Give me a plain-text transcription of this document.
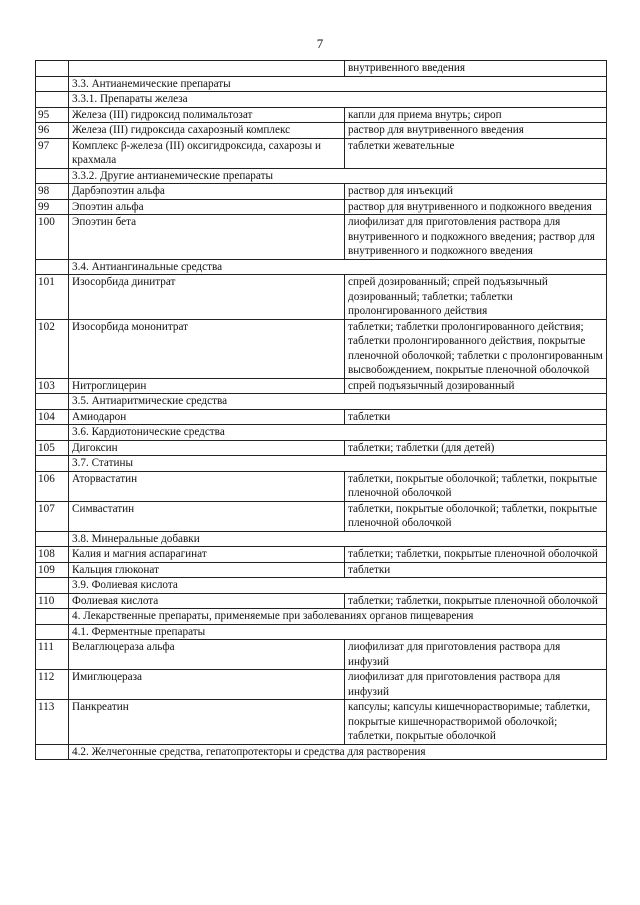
7
		внутривенного введения
	3.3. Антианемические препараты	
	3.3.1. Препараты железа	
95	Железа (III) гидроксид полимальтозат	капли для приема внутрь; сироп
96	Железа (III) гидроксида сахарозный комплекс	раствор для внутривенного введения
97	Комплекс β-железа (III) оксигидроксида, сахарозы и крахмала	таблетки жевательные
	3.3.2. Другие антианемические препараты	
98	Дарбэпоэтин альфа	раствор для инъекций
99	Эпоэтин альфа	раствор для внутривенного и подкожного введения
100	Эпоэтин бета	лиофилизат для приготовления раствора для внутривенного и подкожного введения; раствор для внутривенного и подкожного введения
	3.4. Антиангинальные средства	
101	Изосорбида динитрат	спрей дозированный; спрей подъязычный дозированный; таблетки; таблетки пролонгированного действия
102	Изосорбида мононитрат	таблетки; таблетки пролонгированного действия; таблетки пролонгированного действия, покрытые пленочной оболочкой; таблетки с пролонгированным высвобождением, покрытые пленочной оболочкой
103	Нитроглицерин	спрей подъязычный дозированный
	3.5. Антиаритмические средства	
104	Амиодарон	таблетки
	3.6. Кардиотонические средства	
105	Дигоксин	таблетки; таблетки (для детей)
	3.7. Статины	
106	Аторвастатин	таблетки, покрытые оболочкой; таблетки, покрытые пленочной оболочкой
107	Симвастатин	таблетки, покрытые оболочкой; таблетки, покрытые пленочной оболочкой
	3.8. Минеральные добавки	
108	Калия и магния аспарагинат	таблетки; таблетки, покрытые пленочной оболочкой
109	Кальция глюконат	таблетки
	3.9. Фолиевая кислота	
110	Фолиевая кислота	таблетки; таблетки, покрытые пленочной оболочкой
	4. Лекарственные препараты, применяемые при заболеваниях органов пищеварения	
	4.1. Ферментные препараты	
111	Велаглюцераза альфа	лиофилизат для приготовления раствора для инфузий
112	Имиглюцераза	лиофилизат для приготовления раствора для инфузий
113	Панкреатин	капсулы; капсулы кишечнорастворимые; таблетки, покрытые кишечнорастворимой оболочкой; таблетки, покрытые оболочкой
	4.2. Желчегонные средства, гепатопротекторы и средства для растворения	
